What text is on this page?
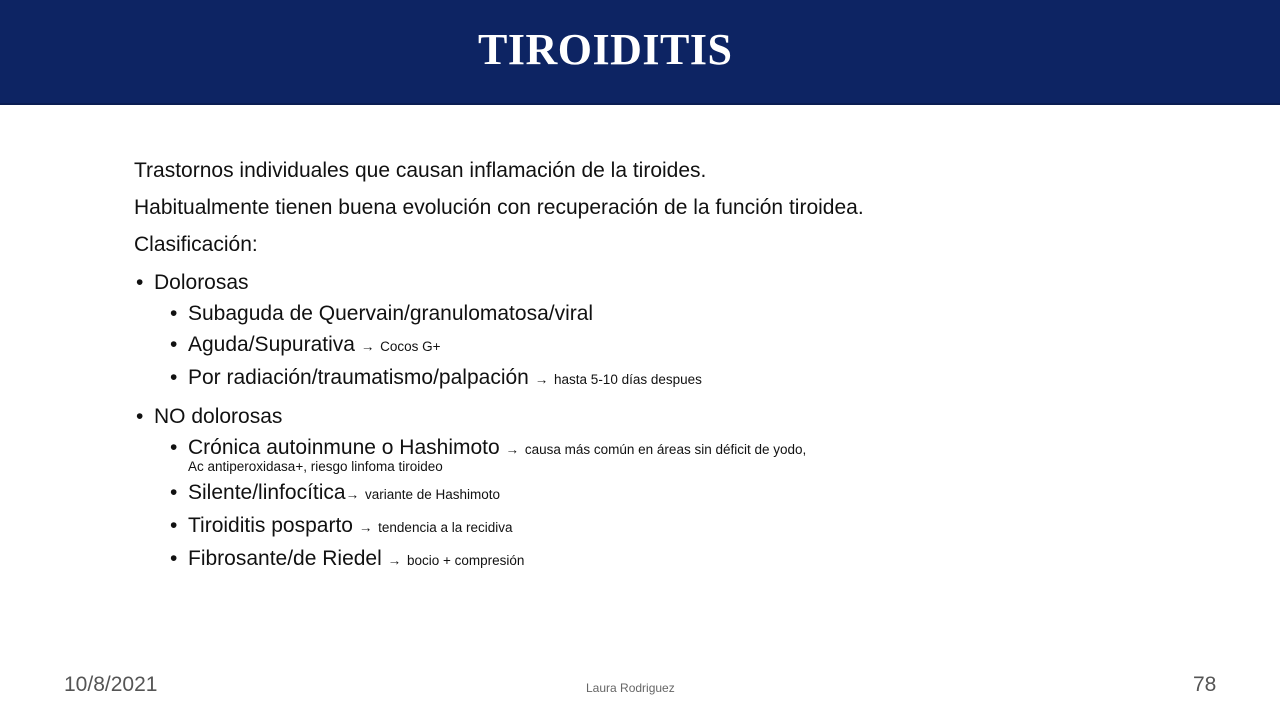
TIROIDITIS

Trastornos individuales que causan inflamación de la tiroides.

Habitualmente tienen buena evolución con recuperación de la función tiroidea.

Clasificación:

• Dolorosas
• Subaguda de Quervain/granulomatosa/viral
• Aguda/Supurativa → Cocos G+
• Por radiación/traumatismo/palpación → hasta 5-10 días despues
• NO dolorosas
• Crónica autoinmune o Hashimoto → causa más común en áreas sin déficit de yodo,
Ac antiperoxidasa+, riesgo linfoma tiroideo
• Silente/linfocítica→ variante de Hashimoto
• Tiroiditis posparto → tendencia a la recidiva
• Fibrosante/de Riedel → bocio + compresión
10/8/2021	Laura Rodriguez	78
